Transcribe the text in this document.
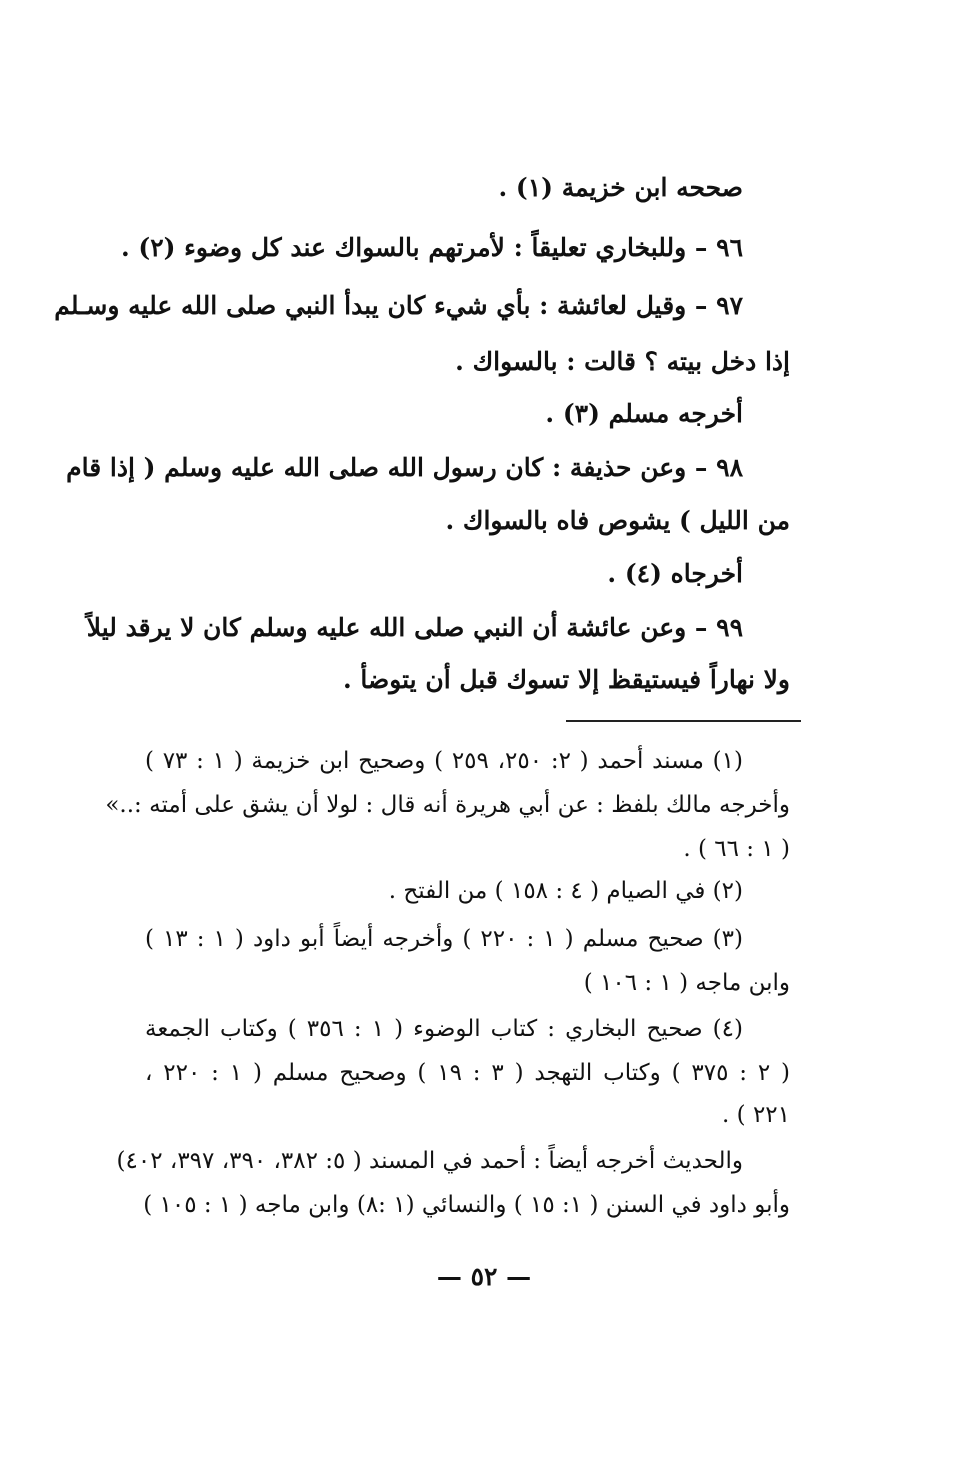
صححه ابن خزيمة (١) .
٩٦ – وللبخاري تعليقاً : لأمرتهم بالسواك عند كل وضوء (٢) .
٩٧ – وقيل لعائشة : بأي شيء كان يبدأ النبي صلى الله عليه وسـلم
إذا دخل بيته ؟ قالت : بالسواك .
أخرجه مسلم (٣) .
٩٨ – وعن حذيفة : كان رسول الله صلى الله عليه وسلم ( إذا قام
من الليل ) يشوص فاه بالسواك .
أخرجاه (٤) .
٩٩ – وعن عائشة أن النبي صلى الله عليه وسلم كان لا يرقد ليلاً
ولا نهاراً فيستيقظ إلا تسوك قبل أن يتوضأ .
(١) مسند أحمد ( ٢: ٢٥٠، ٢٥٩ ) وصحيح ابن خزيمة ( ١ : ٧٣ )
وأخرجه مالك بلفظ : عن أبي هريرة أنه قال : لولا أن يشق على أمته :..»
( ١ : ٦٦ ) .
(٢) في الصيام ( ٤ : ١٥٨ ) من الفتح .
(٣) صحيح مسلم ( ١ : ٢٢٠ ) وأخرجه أيضاً أبو داود ( ١ : ١٣ )
وابن ماجه ( ١ : ١٠٦ )
(٤) صحيح البخاري : كتاب الوضوء ( ١ : ٣٥٦ ) وكتاب الجمعة
( ٢ : ٣٧٥ ) وكتاب التهجد ( ٣ : ١٩ ) وصحيح مسلم ( ١ : ٢٢٠ ،
٢٢١ ) .
والحديث أخرجه أيضاً : أحمد في المسند ( ٥: ٣٨٢، ٣٩٠، ٣٩٧، ٤٠٢)
وأبو داود في السنن ( ١: ١٥ ) والنسائي (١ :٨) وابن ماجه ( ١ : ١٠٥ )
— ٥٢ —
